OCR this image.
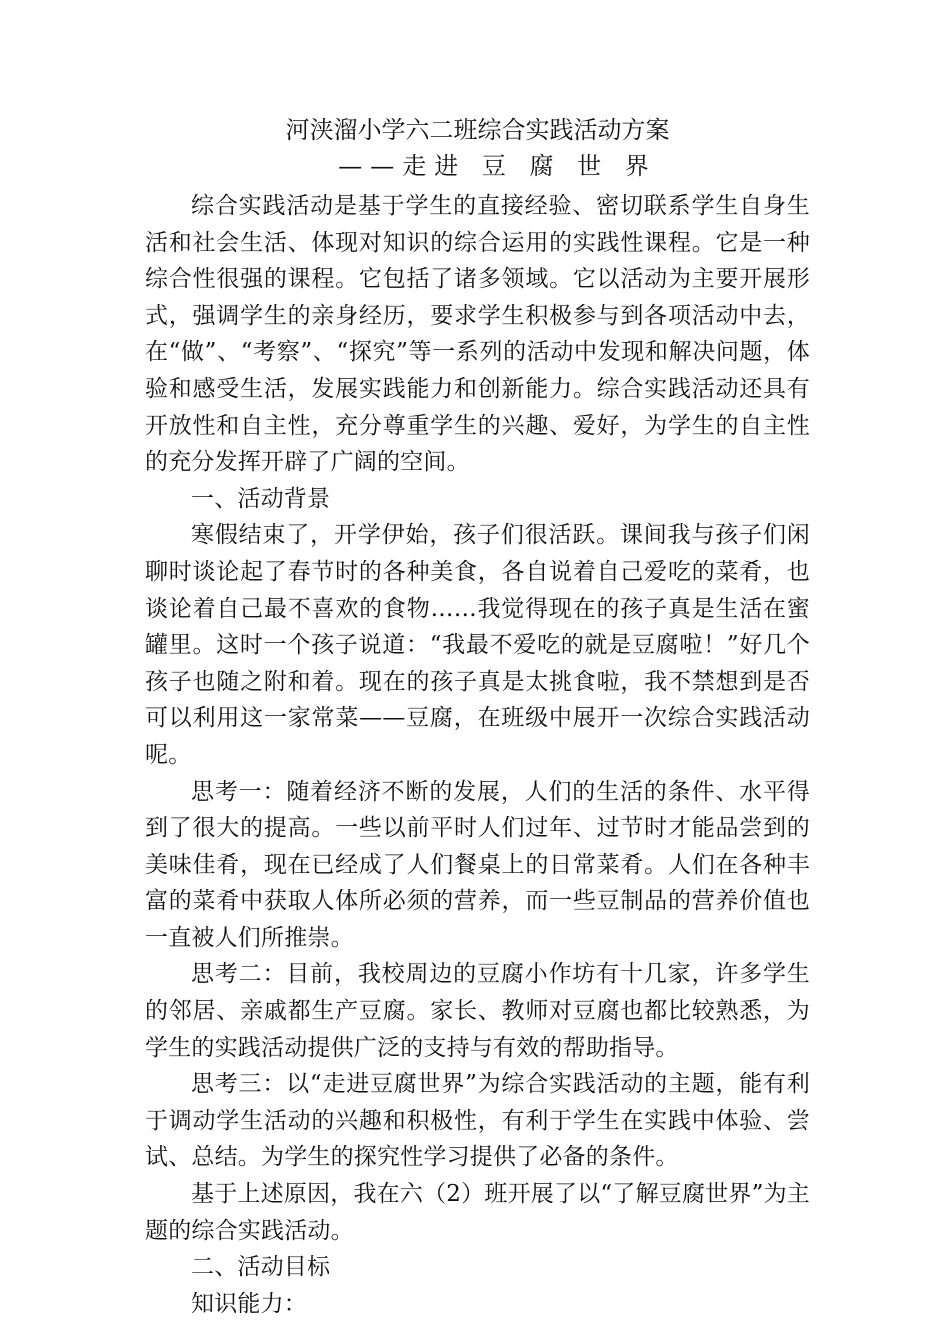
河浃溜小学六二班综合实践活动方案
——走进 豆 腐 世 界

综合实践活动是基于学生的直接经验、密切联系学生自身生活和社会生活、体现对知识的综合运用的实践性课程。它是一种综合性很强的课程。它包括了诸多领域。它以活动为主要开展形式，强调学生的亲身经历，要求学生积极参与到各项活动中去，在“做”、“考察”、“探究”等一系列的活动中发现和解决问题，体验和感受生活，发展实践能力和创新能力。综合实践活动还具有开放性和自主性，充分尊重学生的兴趣、爱好，为学生的自主性的充分发挥开辟了广阔的空间。

一、活动背景

寒假结束了，开学伊始，孩子们很活跃。课间我与孩子们闲聊时谈论起了春节时的各种美食，各自说着自己爱吃的菜肴，也谈论着自己最不喜欢的食物……我觉得现在的孩子真是生活在蜜罐里。这时一个孩子说道：“我最不爱吃的就是豆腐啦！”好几个孩子也随之附和着。现在的孩子真是太挑食啦，我不禁想到是否可以利用这一家常菜——豆腐，在班级中展开一次综合实践活动呢。

思考一：随着经济不断的发展，人们的生活的条件、水平得到了很大的提高。一些以前平时人们过年、过节时才能品尝到的美味佳肴，现在已经成了人们餐桌上的日常菜肴。人们在各种丰富的菜肴中获取人体所必须的营养，而一些豆制品的营养价值也一直被人们所推崇。

思考二：目前，我校周边的豆腐小作坊有十几家，许多学生的邻居、亲戚都生产豆腐。家长、教师对豆腐也都比较熟悉，为学生的实践活动提供广泛的支持与有效的帮助指导。

思考三：以“走进豆腐世界”为综合实践活动的主题，能有利于调动学生活动的兴趣和积极性，有利于学生在实践中体验、尝试、总结。为学生的探究性学习提供了必备的条件。

基于上述原因，我在六（2）班开展了以“了解豆腐世界”为主题的综合实践活动。

二、活动目标

知识能力：
